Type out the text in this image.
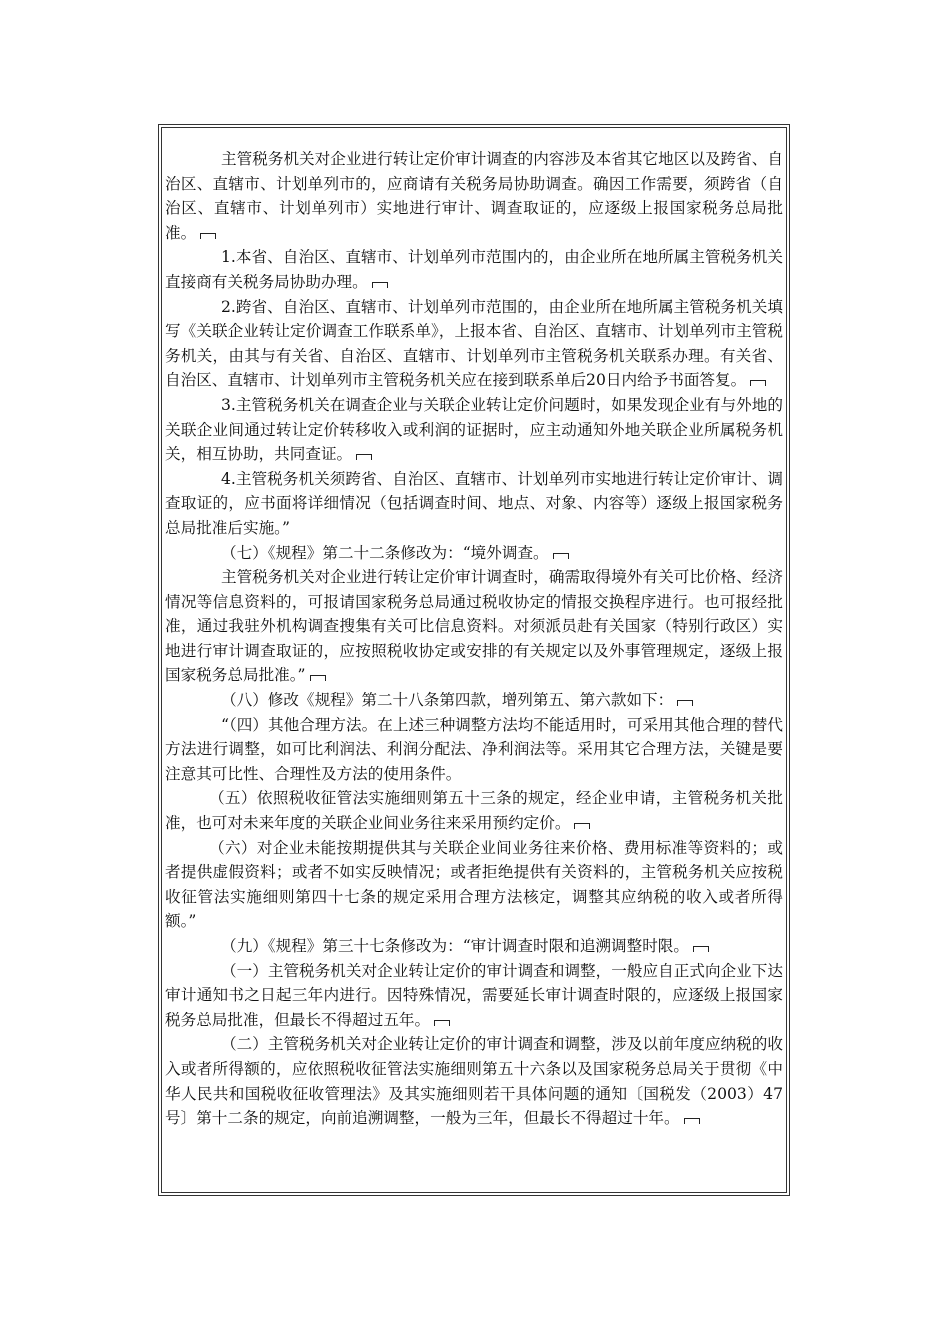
主管税务机关对企业进行转让定价审计调查的内容涉及本省其它地区以及跨省、自治区、直辖市、计划单列市的，应商请有关税务局协助调查。确因工作需要，须跨省（自治区、直辖市、计划单列市）实地进行审计、调查取证的，应逐级上报国家税务总局批准。

1.本省、自治区、直辖市、计划单列市范围内的，由企业所在地所属主管税务机关直接商有关税务局协助办理。

2.跨省、自治区、直辖市、计划单列市范围的，由企业所在地所属主管税务机关填写《关联企业转让定价调查工作联系单》，上报本省、自治区、直辖市、计划单列市主管税务机关，由其与有关省、自治区、直辖市、计划单列市主管税务机关联系办理。有关省、自治区、直辖市、计划单列市主管税务机关应在接到联系单后20日内给予书面答复。

3.主管税务机关在调查企业与关联企业转让定价问题时，如果发现企业有与外地的关联企业间通过转让定价转移收入或利润的证据时，应主动通知外地关联企业所属税务机关，相互协助，共同查证。

4.主管税务机关须跨省、自治区、直辖市、计划单列市实地进行转让定价审计、调查取证的，应书面将详细情况（包括调查时间、地点、对象、内容等）逐级上报国家税务总局批准后实施。”

（七）《规程》第二十二条修改为：“境外调查。

主管税务机关对企业进行转让定价审计调查时，确需取得境外有关可比价格、经济情况等信息资料的，可报请国家税务总局通过税收协定的情报交换程序进行。也可报经批准，通过我驻外机构调查搜集有关可比信息资料。对须派员赴有关国家（特别行政区）实地进行审计调查取证的，应按照税收协定或安排的有关规定以及外事管理规定，逐级上报国家税务总局批准。”

（八）修改《规程》第二十八条第四款，增列第五、第六款如下：

“（四）其他合理方法。在上述三种调整方法均不能适用时，可采用其他合理的替代方法进行调整，如可比利润法、利润分配法、净利润法等。采用其它合理方法，关键是要注意其可比性、合理性及方法的使用条件。

（五）依照税收征管法实施细则第五十三条的规定，经企业申请，主管税务机关批准，也可对未来年度的关联企业间业务往来采用预约定价。

（六）对企业未能按期提供其与关联企业间业务往来价格、费用标准等资料的；或者提供虚假资料；或者不如实反映情况；或者拒绝提供有关资料的，主管税务机关应按税收征管法实施细则第四十七条的规定采用合理方法核定，调整其应纳税的收入或者所得额。”

（九）《规程》第三十七条修改为：“审计调查时限和追溯调整时限。

（一）主管税务机关对企业转让定价的审计调查和调整，一般应自正式向企业下达审计通知书之日起三年内进行。因特殊情况，需要延长审计调查时限的，应逐级上报国家税务总局批准，但最长不得超过五年。

（二）主管税务机关对企业转让定价的审计调查和调整，涉及以前年度应纳税的收入或者所得额的，应依照税收征管法实施细则第五十六条以及国家税务总局关于贯彻《中华人民共和国税收征收管理法》及其实施细则若干具体问题的通知〔国税发（2003）47号〕第十二条的规定，向前追溯调整，一般为三年，但最长不得超过十年。
